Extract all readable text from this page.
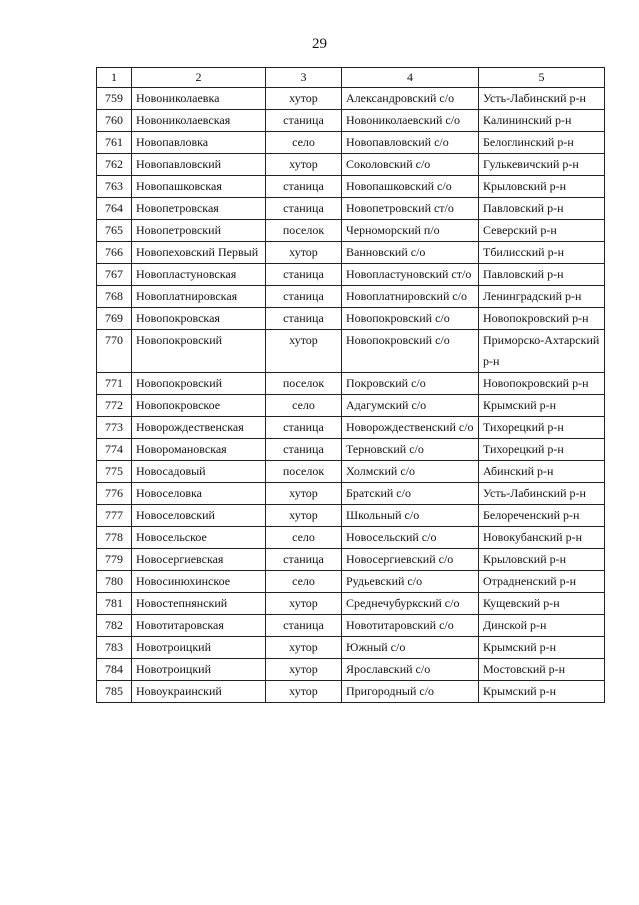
29
1	2	3	4	5
759	Новониколаевка	хутор	Александровский с/о	Усть-Лабинский р-н
760	Новониколаевская	станица	Новониколаевский с/о	Калининский р-н
761	Новопавловка	село	Новопавловский с/о	Белоглинский р-н
762	Новопавловский	хутор	Соколовский с/о	Гулькевичский р-н
763	Новопашковская	станица	Новопашковский с/о	Крыловский р-н
764	Новопетровская	станица	Новопетровский ст/о	Павловский р-н
765	Новопетровский	поселок	Черноморский п/о	Северский р-н
766	Новопеховский Первый	хутор	Ванновский с/о	Тбилисский р-н
767	Новопластуновская	станица	Новопластуновский ст/о	Павловский р-н
768	Новоплатнировская	станица	Новоплатнировский с/о	Ленинградский р-н
769	Новопокровская	станица	Новопокровский с/о	Новопокровский р-н
770	Новопокровский	хутор	Новопокровский с/о	Приморско-Ахтарский р-н
771	Новопокровский	поселок	Покровский с/о	Новопокровский р-н
772	Новопокровское	село	Адагумский с/о	Крымский р-н
773	Новорождественская	станица	Новорождественский с/о	Тихорецкий р-н
774	Новоромановская	станица	Терновский с/о	Тихорецкий р-н
775	Новосадовый	поселок	Холмский с/о	Абинский р-н
776	Новоселовка	хутор	Братский с/о	Усть-Лабинский р-н
777	Новоселовский	хутор	Школьный с/о	Белореченский р-н
778	Новосельское	село	Новосельский с/о	Новокубанский р-н
779	Новосергиевская	станица	Новосергиевский с/о	Крыловский р-н
780	Новосинюхинское	село	Рудьевский с/о	Отрадненский р-н
781	Новостепнянский	хутор	Среднечубуркский с/о	Кущевский р-н
782	Новотитаровская	станица	Новотитаровский с/о	Динской р-н
783	Новотроицкий	хутор	Южный с/о	Крымский р-н
784	Новотроицкий	хутор	Ярославский с/о	Мостовский р-н
785	Новоукраинский	хутор	Пригородный с/о	Крымский р-н
